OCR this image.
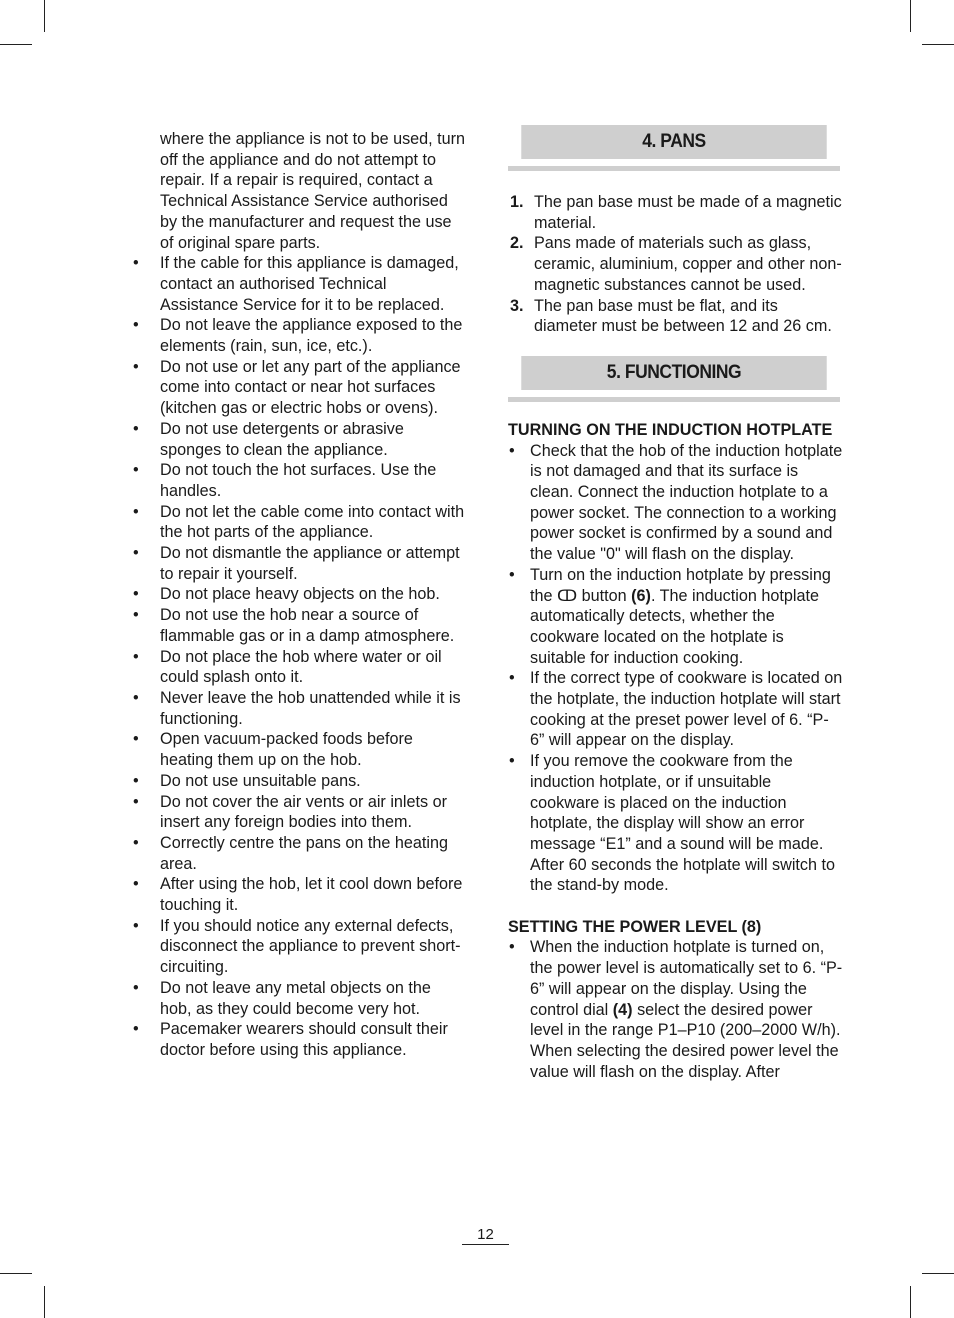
where the appliance is not to be used, turn off the appliance and do not attempt to repair. If a repair is required, contact a Technical Assistance Service authorised by the manufacturer and request the use of original spare parts.
• If the cable for this appliance is damaged, contact an authorised Technical Assistance Service for it to be replaced.
• Do not leave the appliance exposed to the elements (rain, sun, ice, etc.).
• Do not use or let any part of the appliance come into contact or near hot surfaces (kitchen gas or electric hobs or ovens).
• Do not use detergents or abrasive sponges to clean the appliance.
• Do not touch the hot surfaces. Use the handles.
• Do not let the cable come into contact with the hot parts of the appliance.
• Do not dismantle the appliance or attempt to repair it yourself.
• Do not place heavy objects on the hob.
• Do not use the hob near a source of flammable gas or in a damp atmosphere.
• Do not place the hob where water or oil could splash onto it.
• Never leave the hob unattended while it is functioning.
• Open vacuum-packed foods before heating them up on the hob.
• Do not use unsuitable pans.
• Do not cover the air vents or air inlets or insert any foreign bodies into them.
• Correctly centre the pans on the heating area.
• After using the hob, let it cool down before touching it.
• If you should notice any external defects, disconnect the appliance to prevent short-circuiting.
• Do not leave any metal objects on the hob, as they could become very hot.
• Pacemaker wearers should consult their doctor before using this appliance.
4. PANS
1. The pan base must be made of a magnetic material.
2. Pans made of materials such as glass, ceramic, aluminium, copper and other non-magnetic substances cannot be used.
3. The pan base must be flat, and its diameter must be between 12 and 26 cm.
5. FUNCTIONING
TURNING ON THE INDUCTION HOTPLATE
• Check that the hob of the induction hotplate is not damaged and that its surface is clean. Connect the induction hotplate to a power socket. The connection to a working power socket is confirmed by a sound and the value "0" will flash on the display.
• Turn on the induction hotplate by pressing the ↀ button (6). The induction hotplate automatically detects, whether the cookware located on the hotplate is suitable for induction cooking.
• If the correct type of cookware is located on the hotplate, the induction hotplate will start cooking at the preset power level of 6. “P-6” will appear on the display.
• If you remove the cookware from the induction hotplate, or if unsuitable cookware is placed on the induction hotplate, the display will show an error message “E1” and a sound will be made. After 60 seconds the hotplate will switch to the stand-by mode.
SETTING THE POWER LEVEL (8)
• When the induction hotplate is turned on, the power level is automatically set to 6. “P-6” will appear on the display. Using the control dial (4) select the desired power level in the range P1–P10 (200–2000 W/h).
When selecting the desired power level the value will flash on the display. After
12
